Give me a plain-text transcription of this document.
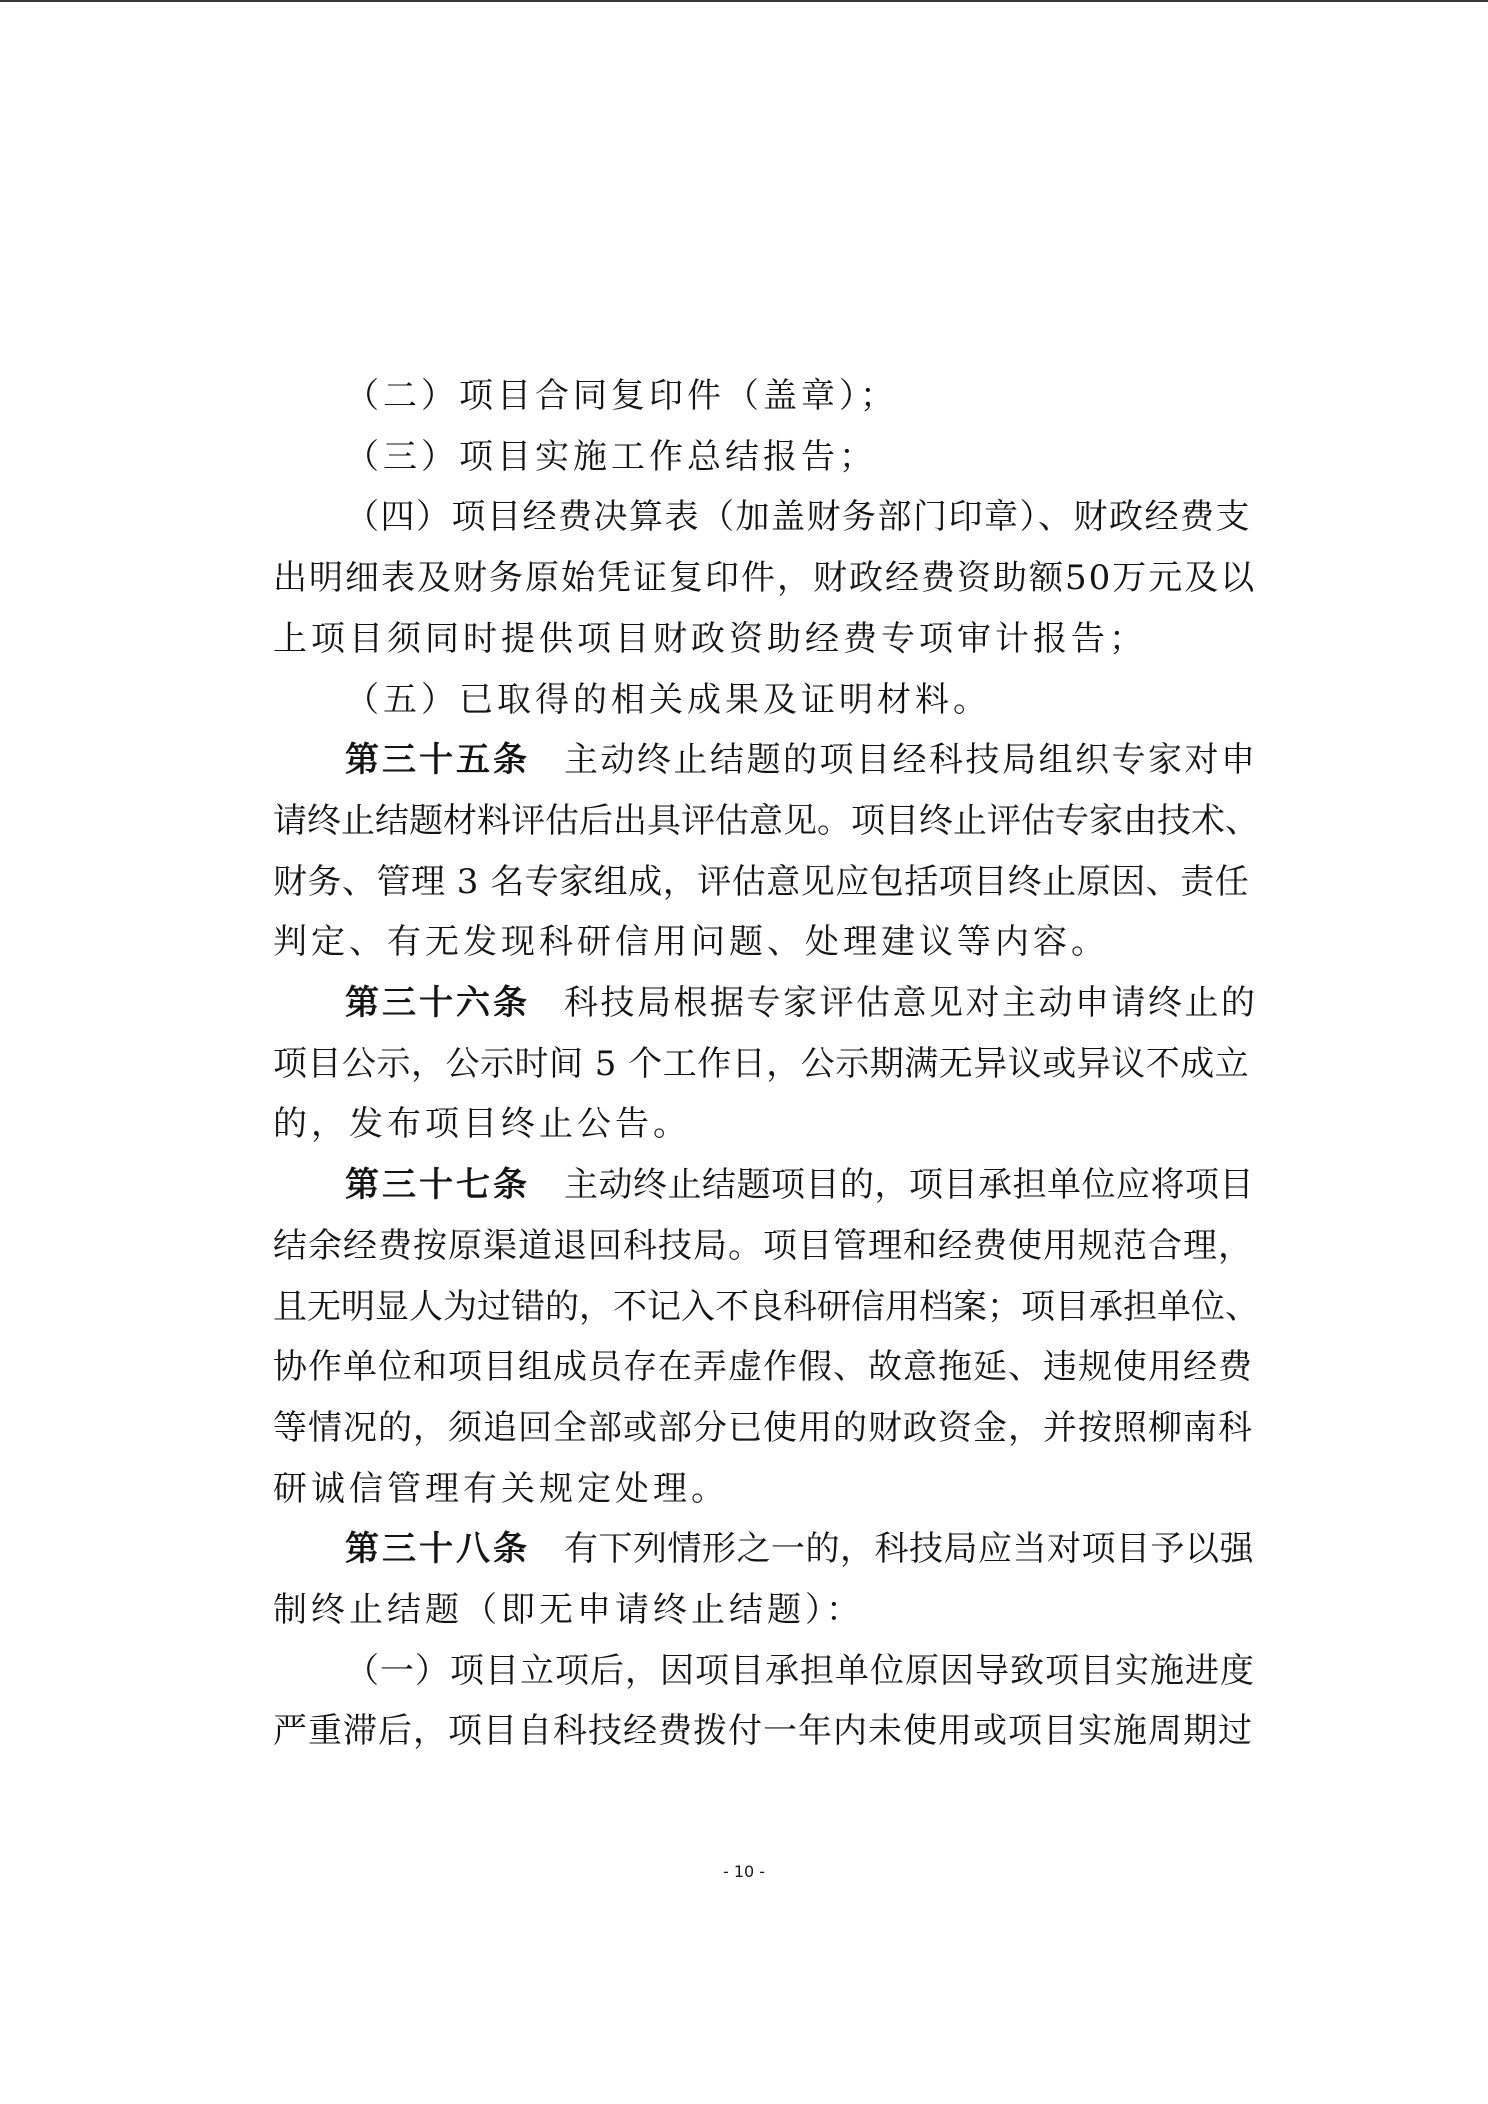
（二）项目合同复印件（盖章）；
（三）项目实施工作总结报告；
（四）项目经费决算表（加盖财务部门印章）、财政经费支
出明细表及财务原始凭证复印件，财政经费资助额50万元及以
上项目须同时提供项目财政资助经费专项审计报告；
（五）已取得的相关成果及证明材料。
第三十五条 主动终止结题的项目经科技局组织专家对申
请终止结题材料评估后出具评估意见。项目终止评估专家由技术、
财务、管理 3 名专家组成，评估意见应包括项目终止原因、责任
判定、有无发现科研信用问题、处理建议等内容。
第三十六条 科技局根据专家评估意见对主动申请终止的
项目公示，公示时间 5 个工作日，公示期满无异议或异议不成立
的，发布项目终止公告。
第三十七条 主动终止结题项目的，项目承担单位应将项目
结余经费按原渠道退回科技局。项目管理和经费使用规范合理，
且无明显人为过错的，不记入不良科研信用档案；项目承担单位、
协作单位和项目组成员存在弄虚作假、故意拖延、违规使用经费
等情况的，须追回全部或部分已使用的财政资金，并按照柳南科
研诚信管理有关规定处理。
第三十八条 有下列情形之一的，科技局应当对项目予以强
制终止结题（即无申请终止结题）：
（一）项目立项后，因项目承担单位原因导致项目实施进度
严重滞后，项目自科技经费拨付一年内未使用或项目实施周期过
- 10 -
